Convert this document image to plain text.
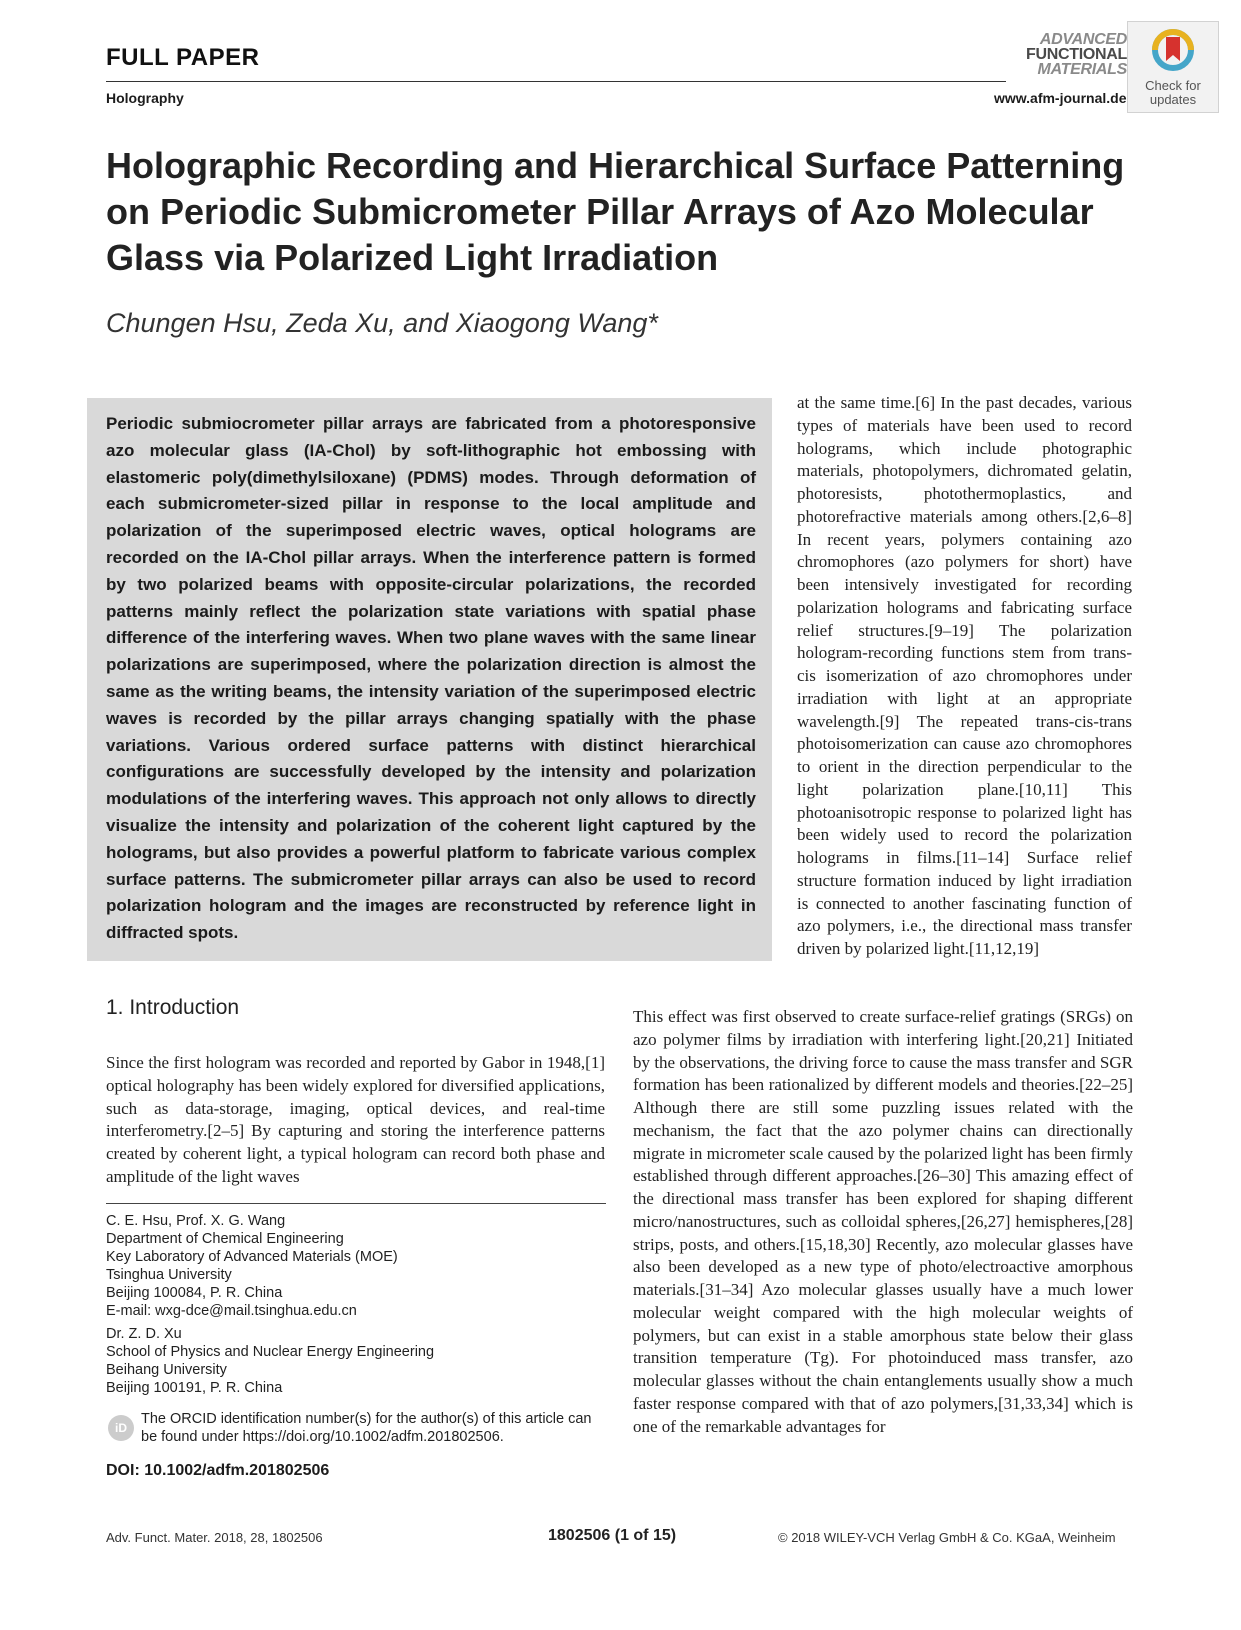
FULL PAPER
Holography	www.afm-journal.de
ADVANCED
FUNCTIONAL
MATERIALS
Check for updates
Holographic Recording and Hierarchical Surface Patterning on Periodic Submicrometer Pillar Arrays of Azo Molecular Glass via Polarized Light Irradiation
Chungen Hsu, Zeda Xu, and Xiaogong Wang*
Periodic submiocrometer pillar arrays are fabricated from a photoresponsive azo molecular glass (IA-Chol) by soft-lithographic hot embossing with elastomeric poly(dimethylsiloxane) (PDMS) modes. Through deformation of each submicrometer-sized pillar in response to the local amplitude and polarization of the superimposed electric waves, optical holograms are recorded on the IA-Chol pillar arrays. When the interference pattern is formed by two polarized beams with opposite-circular polarizations, the recorded patterns mainly reflect the polarization state variations with spatial phase difference of the interfering waves. When two plane waves with the same linear polarizations are superimposed, where the polarization direction is almost the same as the writing beams, the intensity variation of the superimposed electric waves is recorded by the pillar arrays changing spatially with the phase variations. Various ordered surface patterns with distinct hierarchical configurations are successfully developed by the intensity and polarization modulations of the interfering waves. This approach not only allows to directly visualize the intensity and polarization of the coherent light captured by the holograms, but also provides a powerful platform to fabricate various complex surface patterns. The submicrometer pillar arrays can also be used to record polarization hologram and the images are reconstructed by reference light in diffracted spots.
at the same time.[6] In the past decades, various types of materials have been used to record holograms, which include photographic materials, photopolymers, dichromated gelatin, photoresists, photothermoplastics, and photorefractive materials among others.[2,6–8] In recent years, polymers containing azo chromophores (azo polymers for short) have been intensively investigated for recording polarization holograms and fabricating surface relief structures.[9–19] The polarization hologram-recording functions stem from trans-cis isomerization of azo chromophores under irradiation with light at an appropriate wavelength.[9] The repeated trans-cis-trans photoisomerization can cause azo chromophores to orient in the direction perpendicular to the light polarization plane.[10,11] This photoanisotropic response to polarized light has been widely used to record the polarization holograms in films.[11–14] Surface relief structure formation induced by light irradiation is connected to another fascinating function of azo polymers, i.e., the directional mass transfer driven by polarized light.[11,12,19]
This effect was first observed to create surface-relief gratings (SRGs) on azo polymer films by irradiation with interfering light.[20,21] Initiated by the observations, the driving force to cause the mass transfer and SGR formation has been rationalized by different models and theories.[22–25] Although there are still some puzzling issues related with the mechanism, the fact that the azo polymer chains can directionally migrate in micrometer scale caused by the polarized light has been firmly established through different approaches.[26–30] This amazing effect of the directional mass transfer has been explored for shaping different micro/nanostructures, such as colloidal spheres,[26,27] hemispheres,[28] strips, posts, and others.[15,18,30] Recently, azo molecular glasses have also been developed as a new type of photo/electroactive amorphous materials.[31–34] Azo molecular glasses usually have a much lower molecular weight compared with the high molecular weights of polymers, but can exist in a stable amorphous state below their glass transition temperature (Tg). For photoinduced mass transfer, azo molecular glasses without the chain entanglements usually show a much faster response compared with that of azo polymers,[31,33,34] which is one of the remarkable advantages for
1. Introduction
Since the first hologram was recorded and reported by Gabor in 1948,[1] optical holography has been widely explored for diversified applications, such as data-storage, imaging, optical devices, and real-time interferometry.[2–5] By capturing and storing the interference patterns created by coherent light, a typical hologram can record both phase and amplitude of the light waves
C. E. Hsu, Prof. X. G. Wang
Department of Chemical Engineering
Key Laboratory of Advanced Materials (MOE)
Tsinghua University
Beijing 100084, P. R. China
E-mail: wxg-dce@mail.tsinghua.edu.cn
Dr. Z. D. Xu
School of Physics and Nuclear Energy Engineering
Beihang University
Beijing 100191, P. R. China
iD
The ORCID identification number(s) for the author(s) of this article can be found under https://doi.org/10.1002/adfm.201802506.
DOI: 10.1002/adfm.201802506
Adv. Funct. Mater. 2018, 28, 1802506	1802506 (1 of 15)	© 2018 WILEY-VCH Verlag GmbH & Co. KGaA, Weinheim
